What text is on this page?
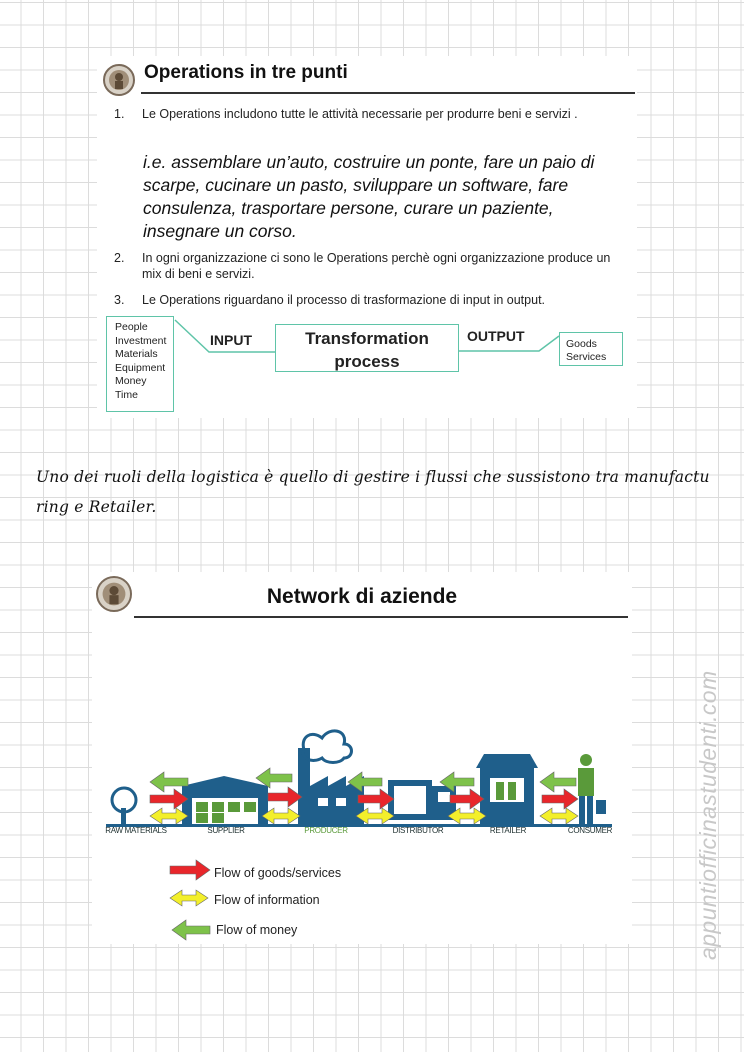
Operations in tre punti
1. Le Operations includono tutte le attività necessarie per produrre beni e servizi .
i.e. assemblare un’auto, costruire un ponte, fare un paio di scarpe, cucinare un pasto, sviluppare un software, fare consulenza, trasportare persone, curare un paziente, insegnare un corso.
2. In ogni organizzazione ci sono le Operations perchè ogni organizzazione produce un mix di beni e servizi.
3. Le Operations riguardano il processo di trasformazione di input in output.
People
Investment
Materials
Equipment
Money
Time
INPUT	Transformation
process
OUTPUT	Goods
Services
Uno dei ruoli della logistica è quello di gestire i flussi che sussistono tra manufactu
ring e Retailer.
Network di aziende
RAW MATERIALS	SUPPLIER	PRODUCER	DISTRIBUTOR	RETAILER	CONSUMER
Flow of goods/services
Flow of information
Flow of money	appuntiofficinastudenti.com
